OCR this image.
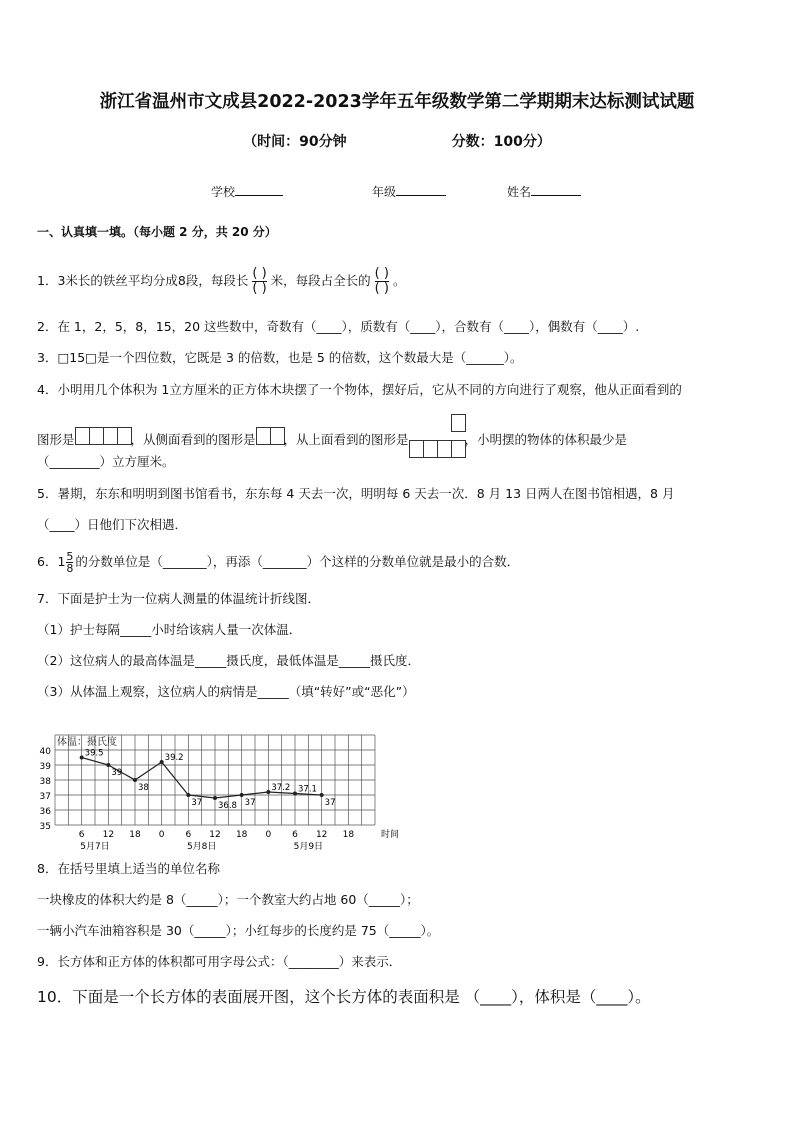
浙江省温州市文成县2022-2023学年五年级数学第二学期期末达标测试试题
（时间：90分钟	分数：100分）
学校	年级	姓名
一、认真填一填。（每小题 2 分，共 20 分）
1．3米长的铁丝平均分成8段，每段长 $\frac{( )}{( )}$ 米，每段占全长的 $\frac{( )}{( )}$ 。
2．在 1，2，5，8，15，20 这些数中，奇数有（____），质数有（____），合数有（____），偶数有（____）.
3．□15□是一个四位数，它既是 3 的倍数，也是 5 的倍数，这个数最大是（______）。
4．小明用几个体积为 1立方厘米的正方体木块摆了一个物体，摆好后，它从不同的方向进行了观察，他从正面看到的
图形是	，从侧面看到的图形是 ，从上面看到的图形是	，小明摆的物体的体积最少是
（________）立方厘米。
5．暑期，东东和明明到图书馆看书，东东每 4 天去一次，明明每 6 天去一次．8 月 13 日两人在图书馆相遇，8 月
（____）日他们下次相遇．
6．$1 \frac{5}{8}$ 的分数单位是（_______），再添（_______）个这样的分数单位就是最小的合数．
7．下面是护士为一位病人测量的体温统计折线图．
（1）护士每隔_____小时给该病人量一次体温．
（2）这位病人的最高体温是_____摄氏度，最低体温是_____摄氏度．
（3）从体温上观察，这位病人的病情是_____（填“转好”或“恶化”）
体温：摄氏度
40
39
38
37
36
35
6 12 18 0 6 12 18 0 6 12 18	时间
5月7日	5月8日	5月9日
39.5
39
38
39.2
37 36.8 37
37.2 37.1
37
8．在括号里填上适当的单位名称
一块橡皮的体积大约是 8（_____）；一个教室大约占地 60（_____）；
一辆小汽车油箱容积是 30（_____）；小红每步的长度约是 75（_____）。
9．长方体和正方体的体积都可用字母公式：（________）来表示．
10．下面是一个长方体的表面展开图，这个长方体的表面积是 （____），体积是（____）。
